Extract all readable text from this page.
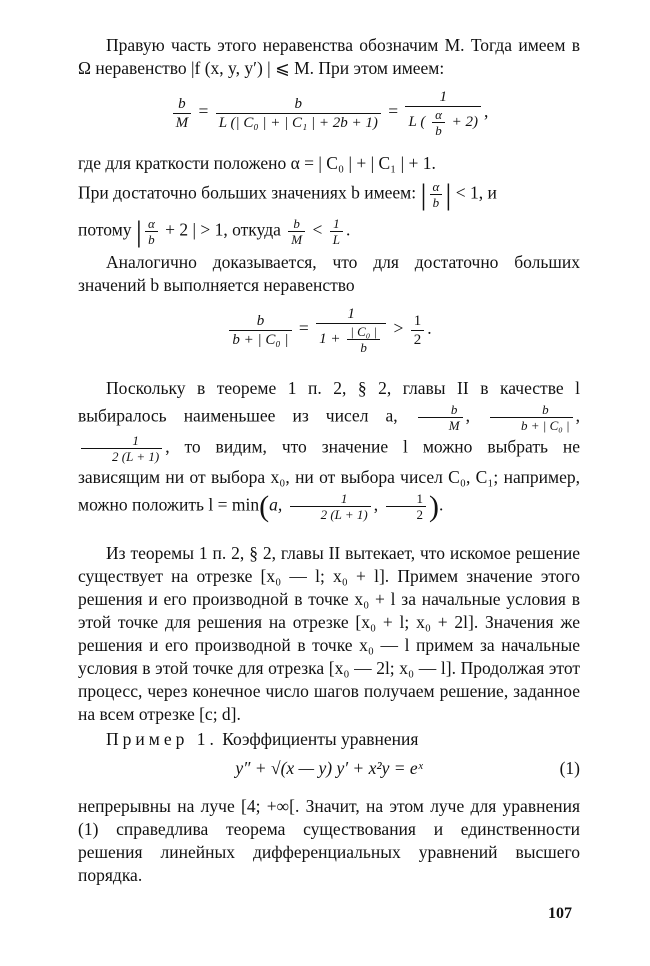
Правую часть этого неравенства обозначим M. Тогда имеем в Ω неравенство |f (x, y, y′) | ⩽ M. При этом имеем:

$\frac{b}{M} = \frac{b}{\text{L (| C₀ | + | C₁ | + 2b + 1)}} = \frac{1}{L ( \frac{\alpha}{b} + 2)}$ ,

где для краткости положено α = | C₀ | + | C₁ | + 1.

При достаточно больших значениях b имеем: | $\frac{\alpha}{b}$ | < 1, и

потому | $\frac{\alpha}{b} + 2$ | > 1, откуда $\frac{b}{M} < \frac{1}{L}$ .

Аналогично доказывается, что для достаточно больших значений b выполняется неравенство

$\frac{b}{\text{b + | C₀ |}} = \frac{1}{1 + \frac{\text{| C₀ |}}{b}} > \frac{1}{2}$ .

Поскольку в теореме 1 п. 2, § 2, главы II в качестве l выбиралось наименьшее из чисел a, $\frac{b}{M}$ , $\frac{b}{\text{b + | C₀ |}}$ ,
$\frac{1}{2 (L + 1)}$ , то видим, что значение l можно выбрать не зависящим ни от выбора x₀, ни от выбора чисел C₀, C₁; например, можно положить l = min(a, $\frac{1}{2 (L + 1)}$ , $\frac{1}{2}$ ).

Из теоремы 1 п. 2, § 2, главы II вытекает, что искомое решение существует на отрезке [x₀ — l; x₀ + l]. Примем значение этого решения и его производной в точке x₀ + l за начальные условия в этой точке для решения на отрезке [x₀ + l; x₀ + 2l]. Значения же решения и его производной в точке x₀ — l примем за начальные условия в этой точке для отрезка [x₀ — 2l; x₀ — l]. Продолжая этот процесс, через конечное число шагов получаем решение, заданное на всем отрезке [c; d].

Пример 1. Коэффициенты уравнения

y″ + √(x — y) y′ + x²y = eˣ	(1)

непрерывны на луче [4; +∞[. Значит, на этом луче для уравнения (1) справедлива теорема существования и единственности решения линейных дифференциальных уравнений высшего порядка.

107
